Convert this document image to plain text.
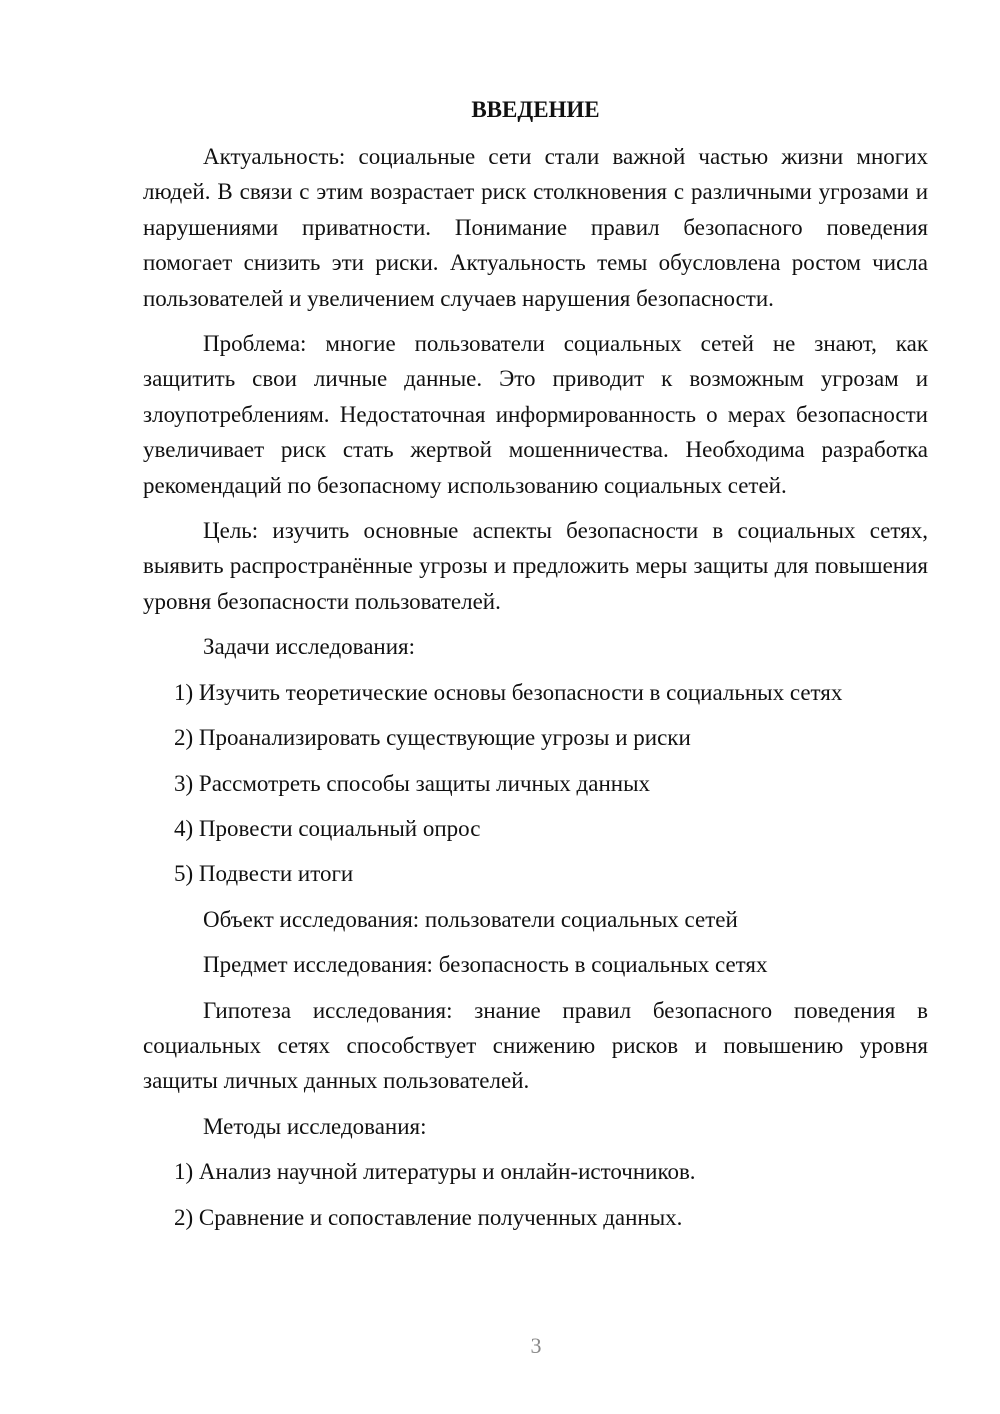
ВВЕДЕНИЕ
Актуальность: социальные сети стали важной частью жизни многих людей. В связи с этим возрастает риск столкновения с различными угрозами и нарушениями приватности. Понимание правил безопасного поведения помогает снизить эти риски. Актуальность темы обусловлена ростом числа пользователей и увеличением случаев нарушения безопасности.
Проблема: многие пользователи социальных сетей не знают, как защитить свои личные данные. Это приводит к возможным угрозам и злоупотреблениям. Недостаточная информированность о мерах безопасности увеличивает риск стать жертвой мошенничества. Необходима разработка рекомендаций по безопасному использованию социальных сетей.
Цель: изучить основные аспекты безопасности в социальных сетях, выявить распространённые угрозы и предложить меры защиты для повышения уровня безопасности пользователей.
Задачи исследования:
1) Изучить теоретические основы безопасности в социальных сетях
2) Проанализировать существующие угрозы и риски
3) Рассмотреть способы защиты личных данных
4) Провести социальный опрос
5) Подвести итоги
Объект исследования: пользователи социальных сетей
Предмет исследования: безопасность в социальных сетях
Гипотеза исследования: знание правил безопасного поведения в социальных сетях способствует снижению рисков и повышению уровня защиты личных данных пользователей.
Методы исследования:
1) Анализ научной литературы и онлайн-источников.
2) Сравнение и сопоставление полученных данных.
3
